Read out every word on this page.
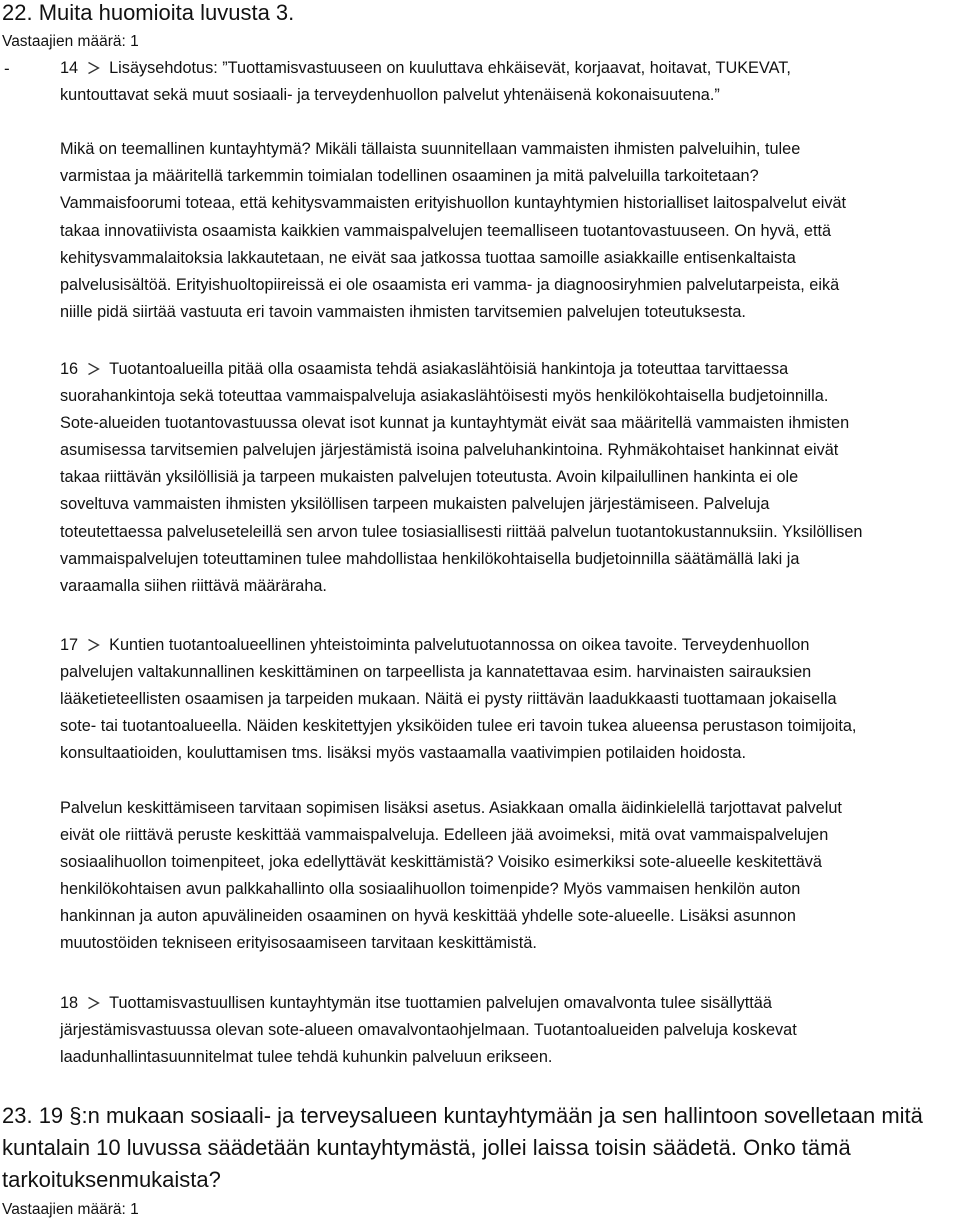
22. Muita huomioita luvusta 3.
Vastaajien määrä: 1
-	14 Lisäysehdotus: ”Tuottamisvastuuseen on kuuluttava ehkäisevät, korjaavat, hoitavat, TUKEVAT,
kuntouttavat sekä muut sosiaali- ja terveydenhuollon palvelut yhtenäisenä kokonaisuutena.”
Mikä on teemallinen kuntayhtymä? Mikäli tällaista suunnitellaan vammaisten ihmisten palveluihin, tulee
varmistaa ja määritellä tarkemmin toimialan todellinen osaaminen ja mitä palveluilla tarkoitetaan?
Vammaisfoorumi toteaa, että kehitysvammaisten erityishuollon kuntayhtymien historialliset laitospalvelut eivät
takaa innovatiivista osaamista kaikkien vammaispalvelujen teemalliseen tuotantovastuuseen. On hyvä, että
kehitysvammalaitoksia lakkautetaan, ne eivät saa jatkossa tuottaa samoille asiakkaille entisenkaltaista
palvelusisältöä. Erityishuoltopiireissä ei ole osaamista eri vamma- ja diagnoosiryhmien palvelutarpeista, eikä
niille pidä siirtää vastuuta eri tavoin vammaisten ihmisten tarvitsemien palvelujen toteutuksesta.
16 Tuotantoalueilla pitää olla osaamista tehdä asiakaslähtöisiä hankintoja ja toteuttaa tarvittaessa
suorahankintoja sekä toteuttaa vammaispalveluja asiakaslähtöisesti myös henkilökohtaisella budjetoinnilla.
Sote-alueiden tuotantovastuussa olevat isot kunnat ja kuntayhtymät eivät saa määritellä vammaisten ihmisten
asumisessa tarvitsemien palvelujen järjestämistä isoina palveluhankintoina. Ryhmäkohtaiset hankinnat eivät
takaa riittävän yksilöllisiä ja tarpeen mukaisten palvelujen toteutusta. Avoin kilpailullinen hankinta ei ole
soveltuva vammaisten ihmisten yksilöllisen tarpeen mukaisten palvelujen järjestämiseen. Palveluja
toteutettaessa palveluseteleillä sen arvon tulee tosiasiallisesti riittää palvelun tuotantokustannuksiin. Yksilöllisen
vammaispalvelujen toteuttaminen tulee mahdollistaa henkilökohtaisella budjetoinnilla säätämällä laki ja
varaamalla siihen riittävä määräraha.
17 Kuntien tuotantoalueellinen yhteistoiminta palvelutuotannossa on oikea tavoite. Terveydenhuollon
palvelujen valtakunnallinen keskittäminen on tarpeellista ja kannatettavaa esim. harvinaisten sairauksien
lääketieteellisten osaamisen ja tarpeiden mukaan. Näitä ei pysty riittävän laadukkaasti tuottamaan jokaisella
sote- tai tuotantoalueella. Näiden keskitettyjen yksiköiden tulee eri tavoin tukea alueensa perustason toimijoita,
konsultaatioiden, kouluttamisen tms. lisäksi myös vastaamalla vaativimpien potilaiden hoidosta.
Palvelun keskittämiseen tarvitaan sopimisen lisäksi asetus. Asiakkaan omalla äidinkielellä tarjottavat palvelut
eivät ole riittävä peruste keskittää vammaispalveluja. Edelleen jää avoimeksi, mitä ovat vammaispalvelujen
sosiaalihuollon toimenpiteet, joka edellyttävät keskittämistä? Voisiko esimerkiksi sote-alueelle keskitettävä
henkilökohtaisen avun palkkahallinto olla sosiaalihuollon toimenpide? Myös vammaisen henkilön auton
hankinnan ja auton apuvälineiden osaaminen on hyvä keskittää yhdelle sote-alueelle. Lisäksi asunnon
muutostöiden tekniseen erityisosaamiseen tarvitaan keskittämistä.
18 Tuottamisvastuullisen kuntayhtymän itse tuottamien palvelujen omavalvonta tulee sisällyttää
järjestämisvastuussa olevan sote-alueen omavalvontaohjelmaan. Tuotantoalueiden palveluja koskevat
laadunhallintasuunnitelmat tulee tehdä kuhunkin palveluun erikseen.
23. 19 §:n mukaan sosiaali- ja terveysalueen kuntayhtymään ja sen hallintoon sovelletaan mitä
kuntalain 10 luvussa säädetään kuntayhtymästä, jollei laissa toisin säädetä. Onko tämä
tarkoituksenmukaista?
Vastaajien määrä: 1
